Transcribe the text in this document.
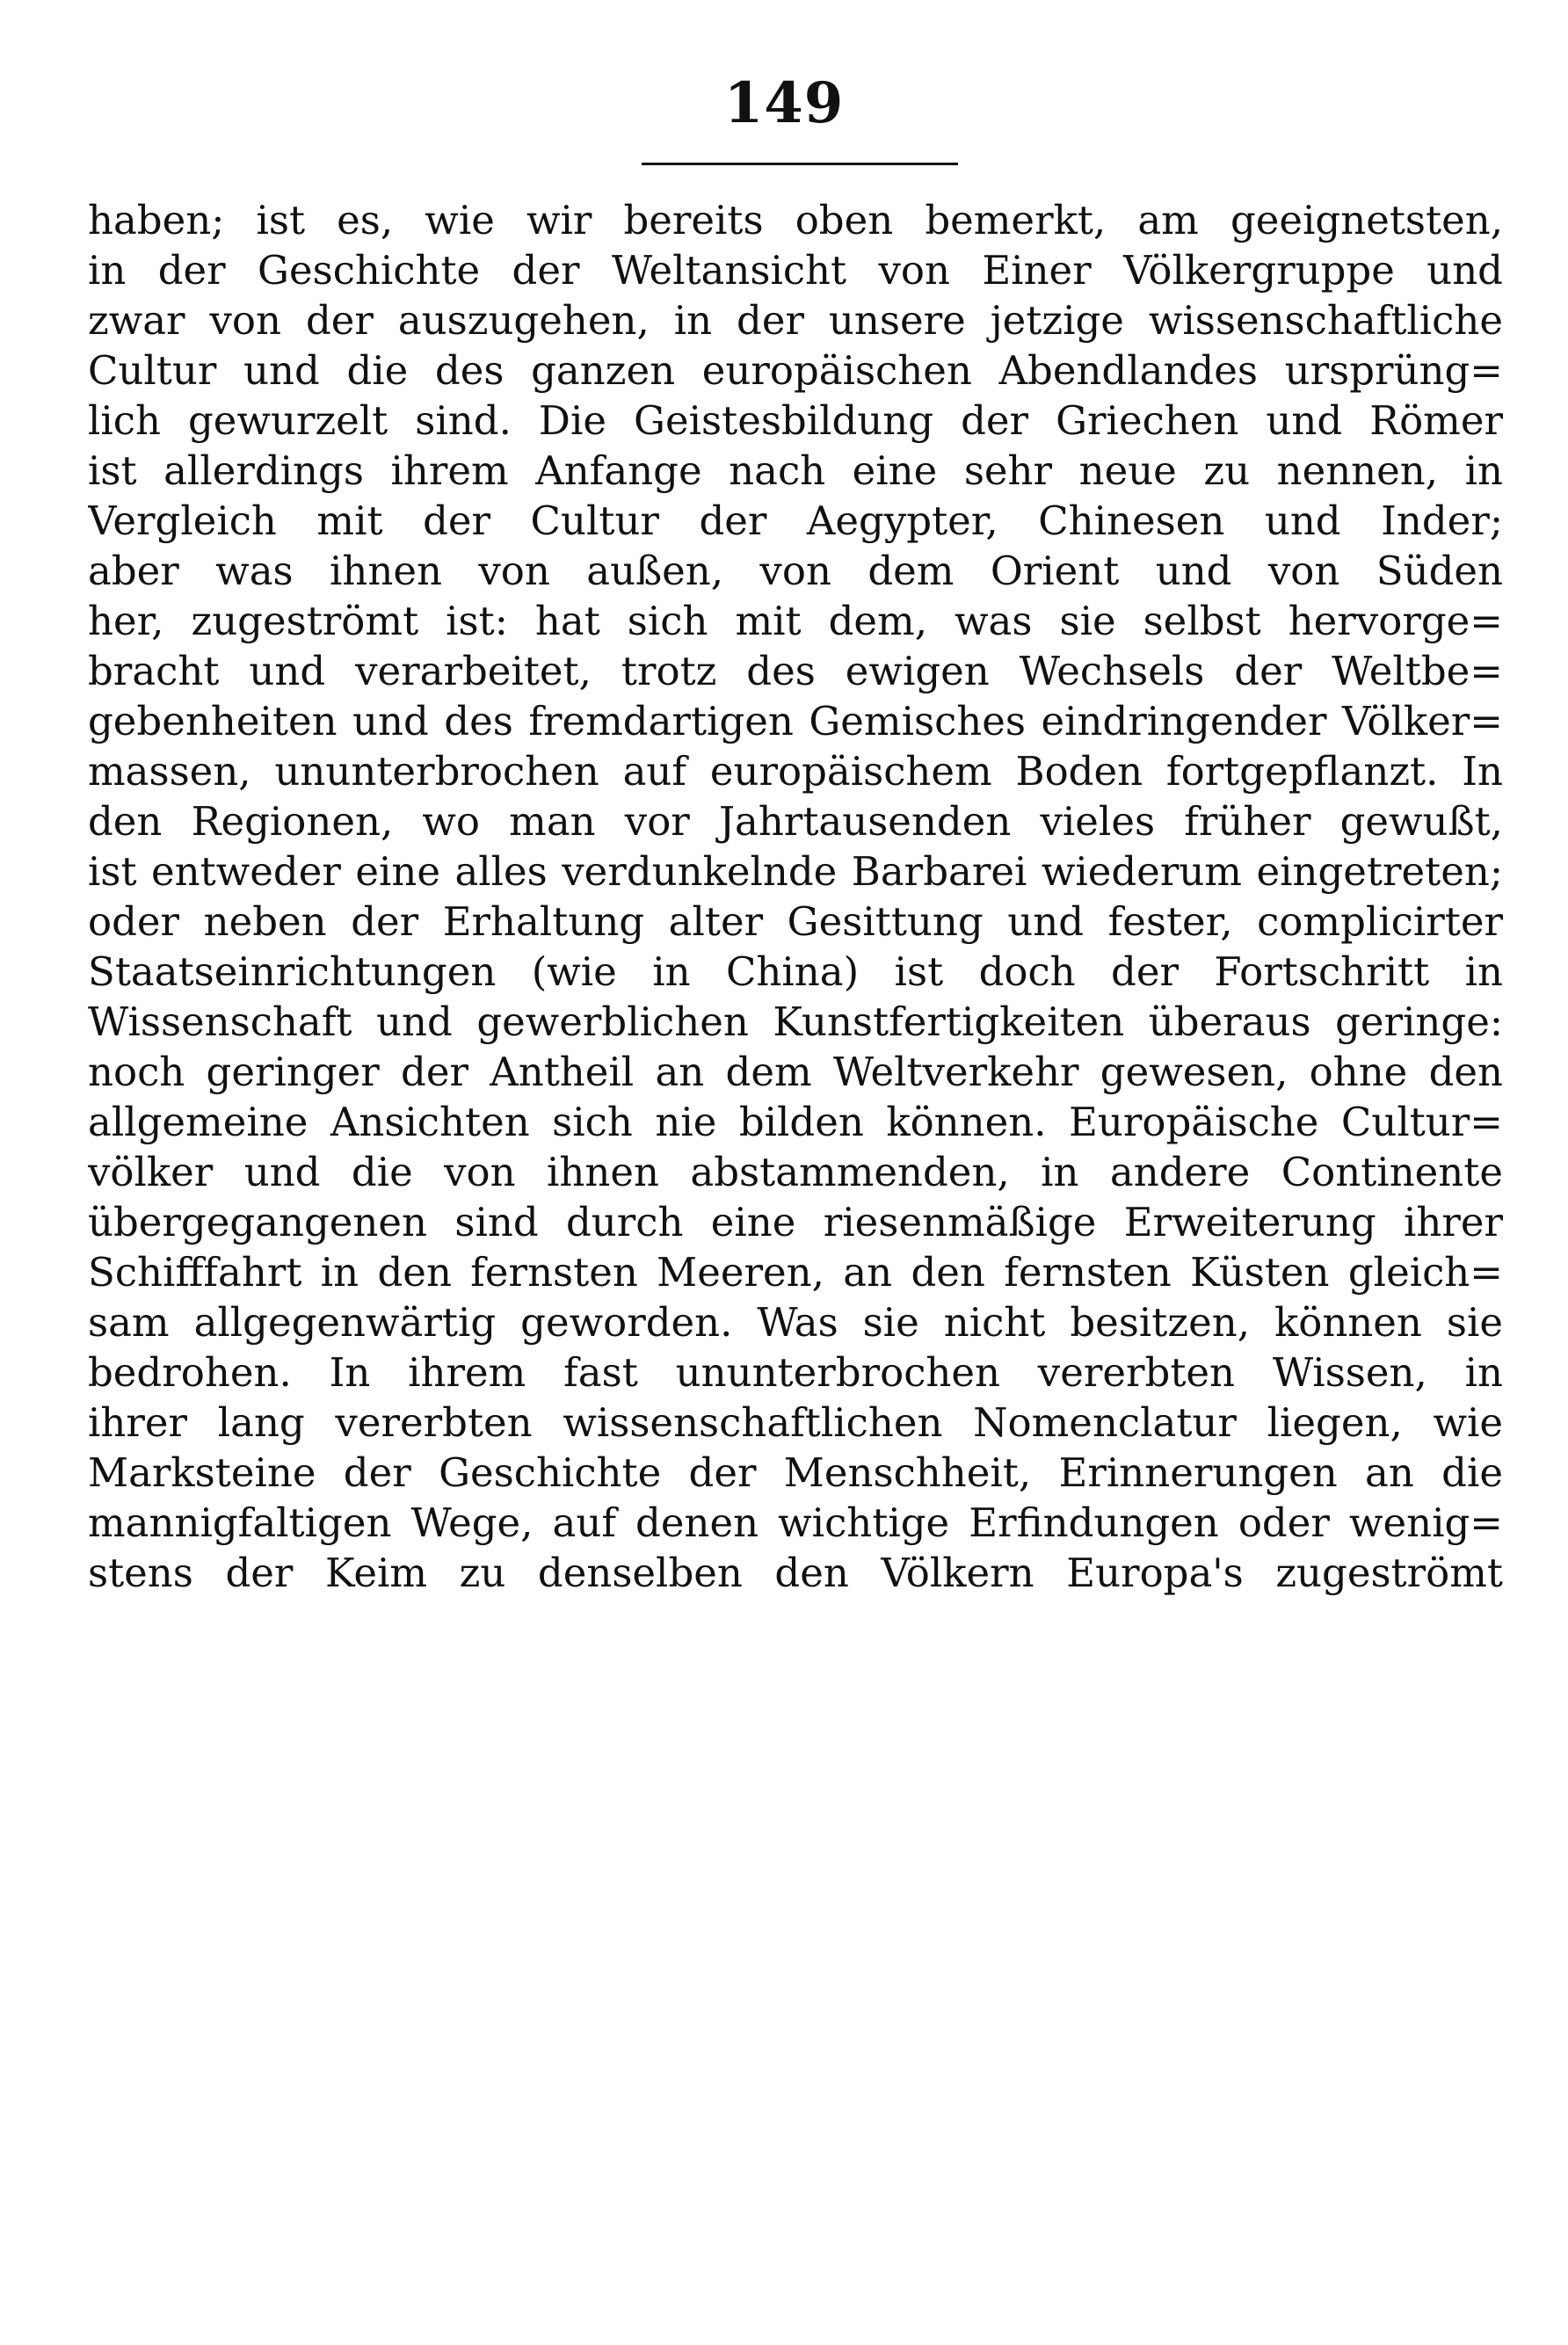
149
haben; ist es, wie wir bereits oben bemerkt, am geeignetsten,
in der Geschichte der Weltansicht von Einer Völkergruppe und
zwar von der auszugehen, in der unsere jetzige wissenschaftliche
Cultur und die des ganzen europäischen Abendlandes ursprüng=
lich gewurzelt sind. Die Geistesbildung der Griechen und Römer
ist allerdings ihrem Anfange nach eine sehr neue zu nennen, in
Vergleich mit der Cultur der Aegypter, Chinesen und Inder;
aber was ihnen von außen, von dem Orient und von Süden
her, zugeströmt ist: hat sich mit dem, was sie selbst hervorge=
bracht und verarbeitet, trotz des ewigen Wechsels der Weltbe=
gebenheiten und des fremdartigen Gemisches eindringender Völker=
massen, ununterbrochen auf europäischem Boden fortgepflanzt. In
den Regionen, wo man vor Jahrtausenden vieles früher gewußt,
ist entweder eine alles verdunkelnde Barbarei wiederum eingetreten;
oder neben der Erhaltung alter Gesittung und fester, complicirter
Staatseinrichtungen (wie in China) ist doch der Fortschritt in
Wissenschaft und gewerblichen Kunstfertigkeiten überaus geringe:
noch geringer der Antheil an dem Weltverkehr gewesen, ohne den
allgemeine Ansichten sich nie bilden können. Europäische Cultur=
völker und die von ihnen abstammenden, in andere Continente
übergegangenen sind durch eine riesenmäßige Erweiterung ihrer
Schifffahrt in den fernsten Meeren, an den fernsten Küsten gleich=
sam allgegenwärtig geworden. Was sie nicht besitzen, können sie
bedrohen. In ihrem fast ununterbrochen vererbten Wissen, in
ihrer lang vererbten wissenschaftlichen Nomenclatur liegen, wie
Marksteine der Geschichte der Menschheit, Erinnerungen an die
mannigfaltigen Wege, auf denen wichtige Erfindungen oder wenig=
stens der Keim zu denselben den Völkern Europa's zugeströmt
